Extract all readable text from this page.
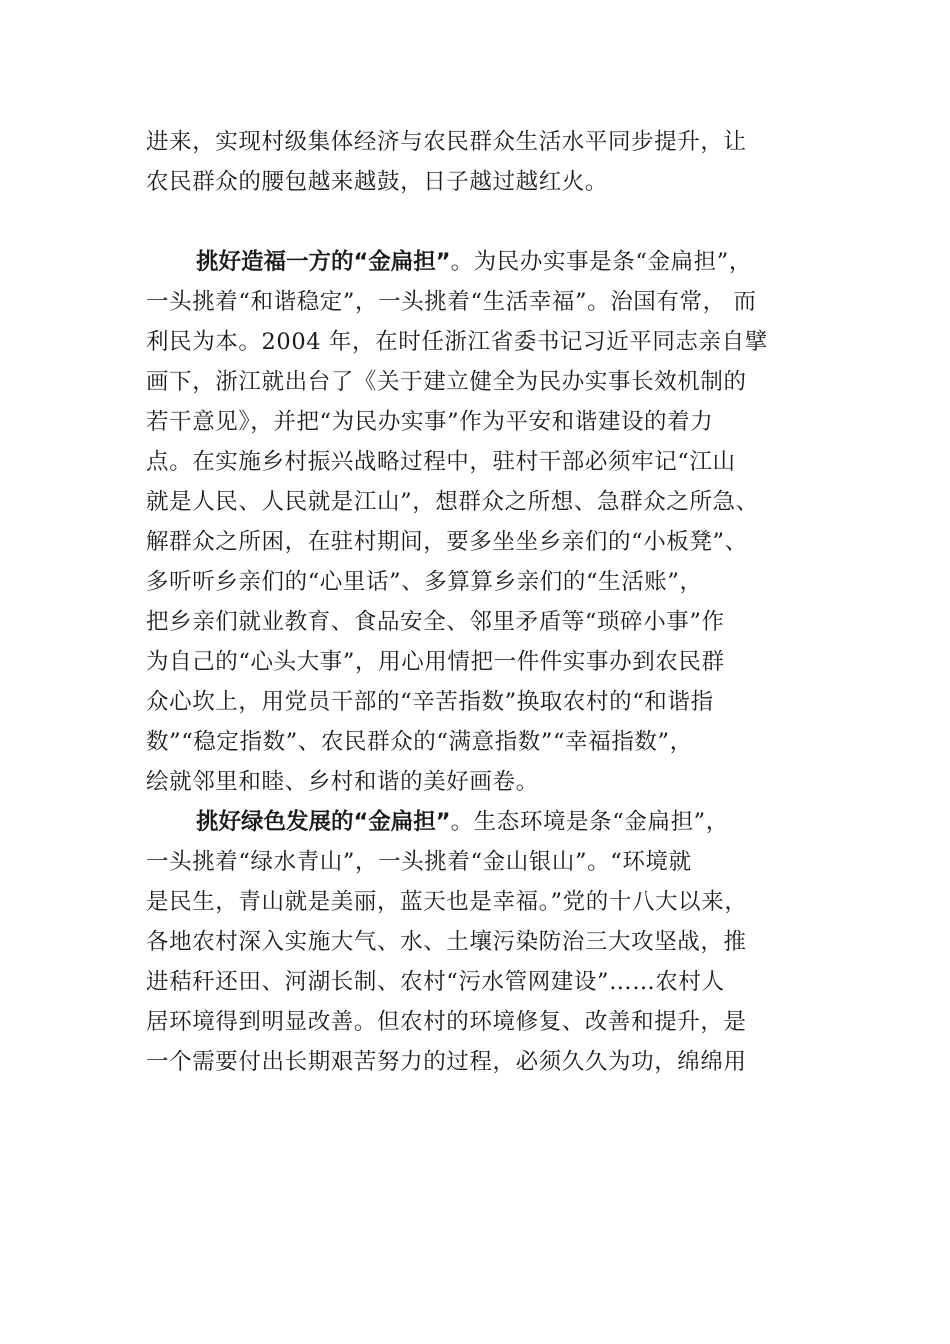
进来，实现村级集体经济与农民群众生活水平同步提升，让
农民群众的腰包越来越鼓，日子越过越红火。
挑好造福一方的“金扁担”。为民办实事是条“金扁担”，
一头挑着“和谐稳定”，一头挑着“生活幸福”。治国有常， 而
利民为本。2004 年，在时任浙江省委书记习近平同志亲自擘
画下，浙江就出台了《关于建立健全为民办实事长效机制的
若干意见》，并把“为民办实事”作为平安和谐建设的着力
点。在实施乡村振兴战略过程中，驻村干部必须牢记“江山
就是人民、人民就是江山”，想群众之所想、急群众之所急、
解群众之所困，在驻村期间，要多坐坐乡亲们的“小板凳”、
多听听乡亲们的“心里话”、多算算乡亲们的“生活账”，
把乡亲们就业教育、食品安全、邻里矛盾等“琐碎小事”作
为自己的“心头大事”，用心用情把一件件实事办到农民群
众心坎上，用党员干部的“辛苦指数”换取农村的“和谐指
数”“稳定指数”、农民群众的“满意指数”“幸福指数”，
绘就邻里和睦、乡村和谐的美好画卷。
挑好绿色发展的“金扁担”。生态环境是条“金扁担”，
一头挑着“绿水青山”，一头挑着“金山银山”。“环境就
是民生，青山就是美丽，蓝天也是幸福。”党的十八大以来，
各地农村深入实施大气、水、土壤污染防治三大攻坚战，推
进秸秆还田、河湖长制、农村“污水管网建设”……农村人
居环境得到明显改善。但农村的环境修复、改善和提升，是
一个需要付出长期艰苦努力的过程，必须久久为功，绵绵用
